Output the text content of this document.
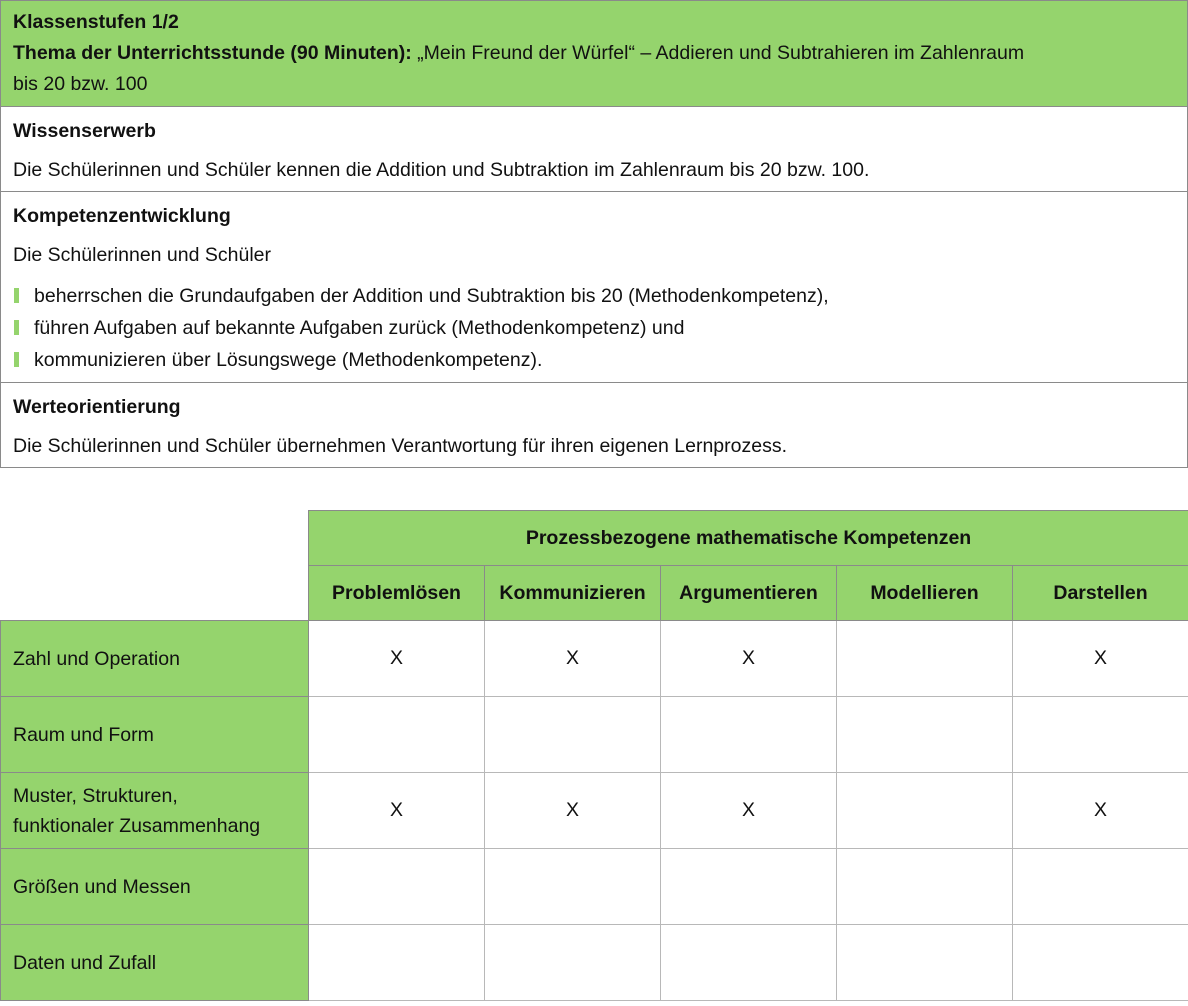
Klassenstufen 1/2
Thema der Unterrichtsstunde (90 Minuten): „Mein Freund der Würfel“ – Addieren und Subtrahieren im Zahlenraum
bis 20 bzw. 100

Wissenserwerb
Die Schülerinnen und Schüler kennen die Addition und Subtraktion im Zahlenraum bis 20 bzw. 100.

Kompetenzentwicklung
Die Schülerinnen und Schüler
beherrschen die Grundaufgaben der Addition und Subtraktion bis 20 (Methodenkompetenz),
führen Aufgaben auf bekannte Aufgaben zurück (Methodenkompetenz) und
kommunizieren über Lösungswege (Methodenkompetenz).

Werteorientierung
Die Schülerinnen und Schüler übernehmen Verantwortung für ihren eigenen Lernprozess.
	Prozessbezogene mathematische Kompetenzen				
	Problemlösen	Kommunizieren	Argumentieren	Modellieren	Darstellen
Zahl und Operation	X	X	X		X
Raum und Form					

Muster, Strukturen,
funktionaler Zusammenhang	X	X	X		X
Größen und Messen					
Daten und Zufall					
